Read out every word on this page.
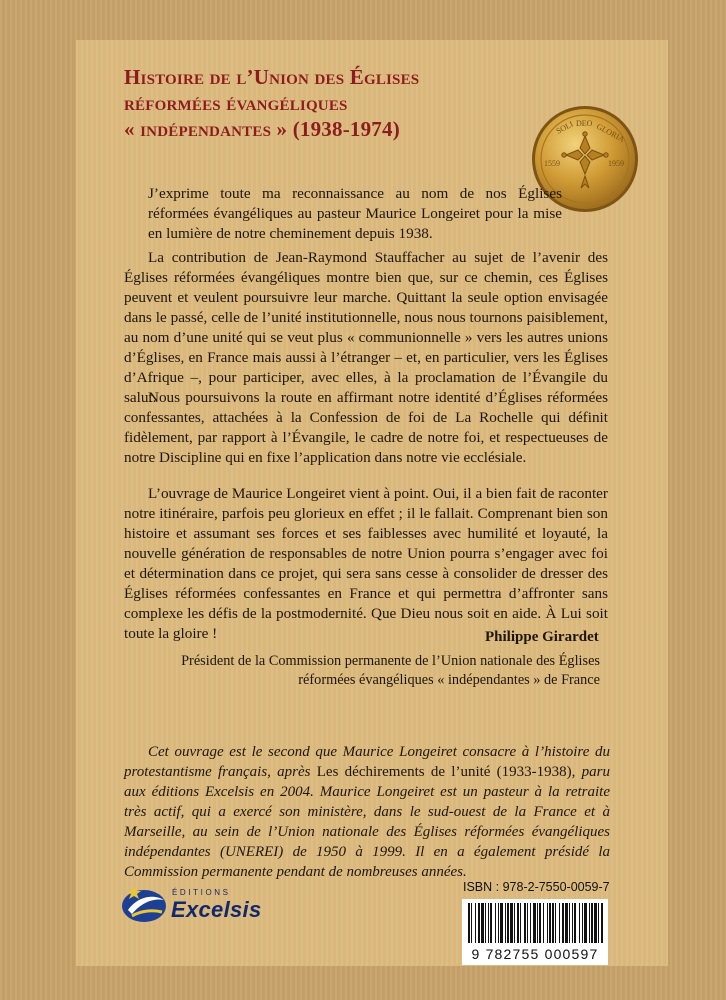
Histoire de l’Union des Églises
réformées évangéliques
« indépendantes » (1938-1974)	SOLI DEO GLORIA
1559	1959

J’exprime toute ma reconnaissance au nom de nos Églises réformées évangéliques au pasteur Maurice Longeiret pour la mise en lumière de notre cheminement depuis 1938.

La contribution de Jean-Raymond Stauffacher au sujet de l’avenir des Églises réformées évangéliques montre bien que, sur ce chemin, ces Églises peuvent et veulent poursuivre leur marche. Quittant la seule option envisagée dans le passé, celle de l’unité institutionnelle, nous nous tournons paisiblement, au nom d’une unité qui se veut plus « communionnelle » vers les autres unions d’Églises, en France mais aussi à l’étranger – et, en particulier, vers les Églises d’Afrique –, pour participer, avec elles, à la proclamation de l’Évangile du salut.

Nous poursuivons la route en affirmant notre identité d’Églises réformées confessantes, attachées à la Confession de foi de La Rochelle qui définit fidèlement, par rapport à l’Évangile, le cadre de notre foi, et respectueuses de notre Discipline qui en fixe l’application dans notre vie ecclésiale.

L’ouvrage de Maurice Longeiret vient à point. Oui, il a bien fait de raconter notre itinéraire, parfois peu glorieux en effet ; il le fallait. Comprenant bien son histoire et assumant ses forces et ses faiblesses avec humilité et loyauté, la nouvelle génération de responsables de notre Union pourra s’engager avec foi et détermination dans ce projet, qui sera sans cesse à consolider de dresser des Églises réformées confessantes en France et qui permettra d’affronter sans complexe les défis de la postmodernité. Que Dieu nous soit en aide. À Lui soit toute la gloire !	Philippe Girardet
Président de la Commission permanente de l’Union nationale des Églises réformées évangéliques « indépendantes » de France
Cet ouvrage est le second que Maurice Longeiret consacre à l’histoire du protestantisme français, après Les déchirements de l’unité (1933-1938), paru aux éditions Excelsis en 2004. Maurice Longeiret est un pasteur à la retraite très actif, qui a exercé son ministère, dans le sud-ouest de la France et à Marseille, au sein de l’Union nationale des Églises réformées évangéliques indépendantes (UNEREI) de 1950 à 1999. Il en a également présidé la Commission permanente pendant de nombreuses années.
ÉDITIONS
Excelsis
ISBN : 978-2-7550-0059-7
9 782755 000597
